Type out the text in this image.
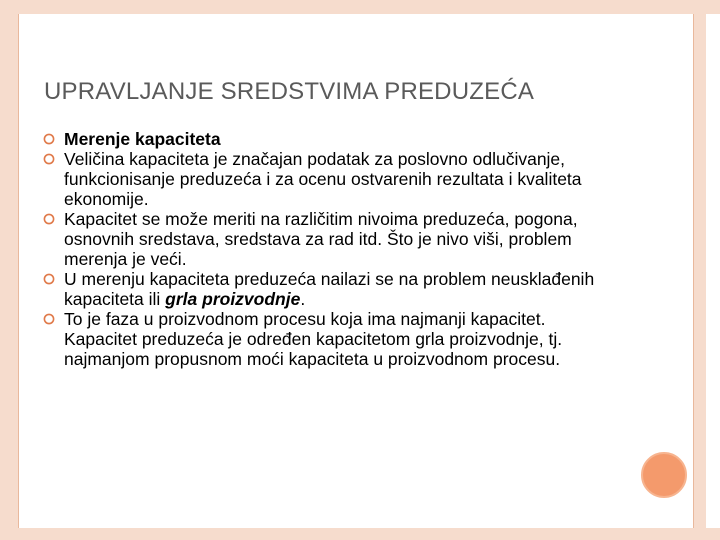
UPRAVLJANJE SREDSTVIMA PREDUZEĆA
Merenje kapaciteta
Veličina kapaciteta je značajan podatak za poslovno odlučivanje, funkcionisanje preduzeća i za ocenu ostvarenih rezultata i kvaliteta ekonomije.
Kapacitet se može meriti na različitim nivoima preduzeća, pogona, osnovnih sredstava, sredstava za rad itd. Što je nivo viši, problem merenja je veći.
U merenju kapaciteta preduzeća nailazi se na problem neusklađenih kapaciteta ili grla proizvodnje.
To je faza u proizvodnom procesu koja ima najmanji kapacitet. Kapacitet preduzeća je određen kapacitetom grla proizvodnje, tj. najmanjom propusnom moći kapaciteta u proizvodnom procesu.
